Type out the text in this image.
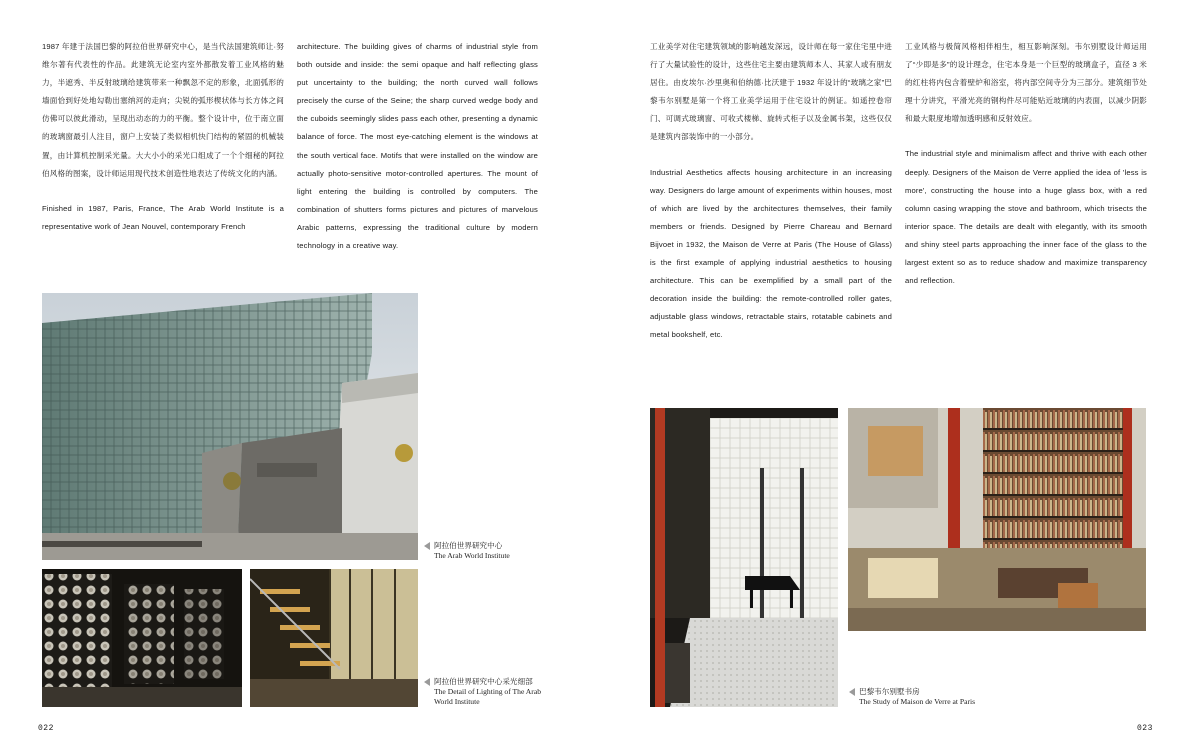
1987 年建于法国巴黎的阿拉伯世界研究中心，是当代法国建筑师让·努维尔著有代表性的作品。此建筑无论室内室外都散发着工业风格的魅力，半遮秀、半反射玻璃给建筑带来一种飘忽不定的形象，北面弧形的墙面恰到好处地勾勒出塞纳河的走向；尖锐的弧形楔状体与长方体之间仿佛可以彼此滑动，呈现出动态的力的平衡。整个设计中，位于南立面的玻璃窗最引人注目，窗户上安装了类似相机快门结构的紧固的机械装置，由计算机控制采光量。大大小小的采光口组成了一个个细秘的阿拉伯风格的图案，设计师运用现代技术创造性地表达了传统文化的内涵。

Finished in 1987, Paris, France, The Arab World Institute is a representative work of Jean Nouvel, contemporary French

architecture. The building gives of charms of industrial style from both outside and inside: the semi opaque and half reflecting glass put uncertainty to the building; the north curved wall follows precisely the curse of the Seine; the sharp curved wedge body and the cuboids seemingly slides pass each other, presenting a dynamic balance of force. The most eye-catching element is the windows at the south vertical face. Motifs that were installed on the window are actually photo-sensitive motor-controlled apertures. The mount of light entering the building is controlled by computers. The combination of shutters forms pictures and pictures of marvelous Arabic patterns, expressing the traditional culture by modern technology in a creative way.

阿拉伯世界研究中心
The Arab World Institute
阿拉伯世界研究中心采光细部
The Detail of Lighting of The Arab World Institute
022

工业美学对住宅建筑领域的影响越发深远，设计师在每一家住宅里中进行了大量试验性的设计，这些住宅主要由建筑师本人、其家人或有朋友居住。由皮埃尔·沙里奥和伯纳德·比沃建于 1932 年设计的“玻璃之家”巴黎韦尔别墅是第一个将工业美学运用于住宅设计的例证。如遥控卷帘门、可调式玻璃窗、可收式楼梯、旋转式柜子以及金属书架，这些仅仅是建筑内部装饰中的一小部分。

Industrial Aesthetics affects housing architecture in an increasing way. Designers do large amount of experiments within houses, most of which are lived by the architectures themselves, their family members or friends. Designed by Pierre Chareau and Bernard Bijvoet in 1932, the Maison de Verre at Paris (The House of Glass) is the first example of applying industrial aesthetics to housing architecture. This can be exemplified by a small part of the decoration inside the building: the remote-controlled roller gates, adjustable glass windows, retractable stairs, rotatable cabinets and metal bookshelf, etc.

工业风格与极简风格相伴相生，相互影响深刻。韦尔别墅设计师运用了“少即是多”的设计理念，住宅本身是一个巨型的玻璃盒子，直径 3 米的红柱将内包含着壁炉和浴室，将内部空间寺分为三部分。建筑细节处理十分讲究，平滑光亮的钢构件尽可能贴近玻璃的内表面，以减少阴影和最大限度地增加透明感和反射效应。

The industrial style and minimalism affect and thrive with each other deeply. Designers of the Maison de Verre applied the idea of 'less is more', constructing the house into a huge glass box, with a red column casing wrapping the stove and bathroom, which trisects the interior space. The details are dealt with elegantly, with its smooth and shiny steel parts approaching the inner face of the glass to the largest extent so as to reduce shadow and maximize transparency and reflection.

巴黎韦尔别墅书房
The Study of Maison de Verre at Paris
023
